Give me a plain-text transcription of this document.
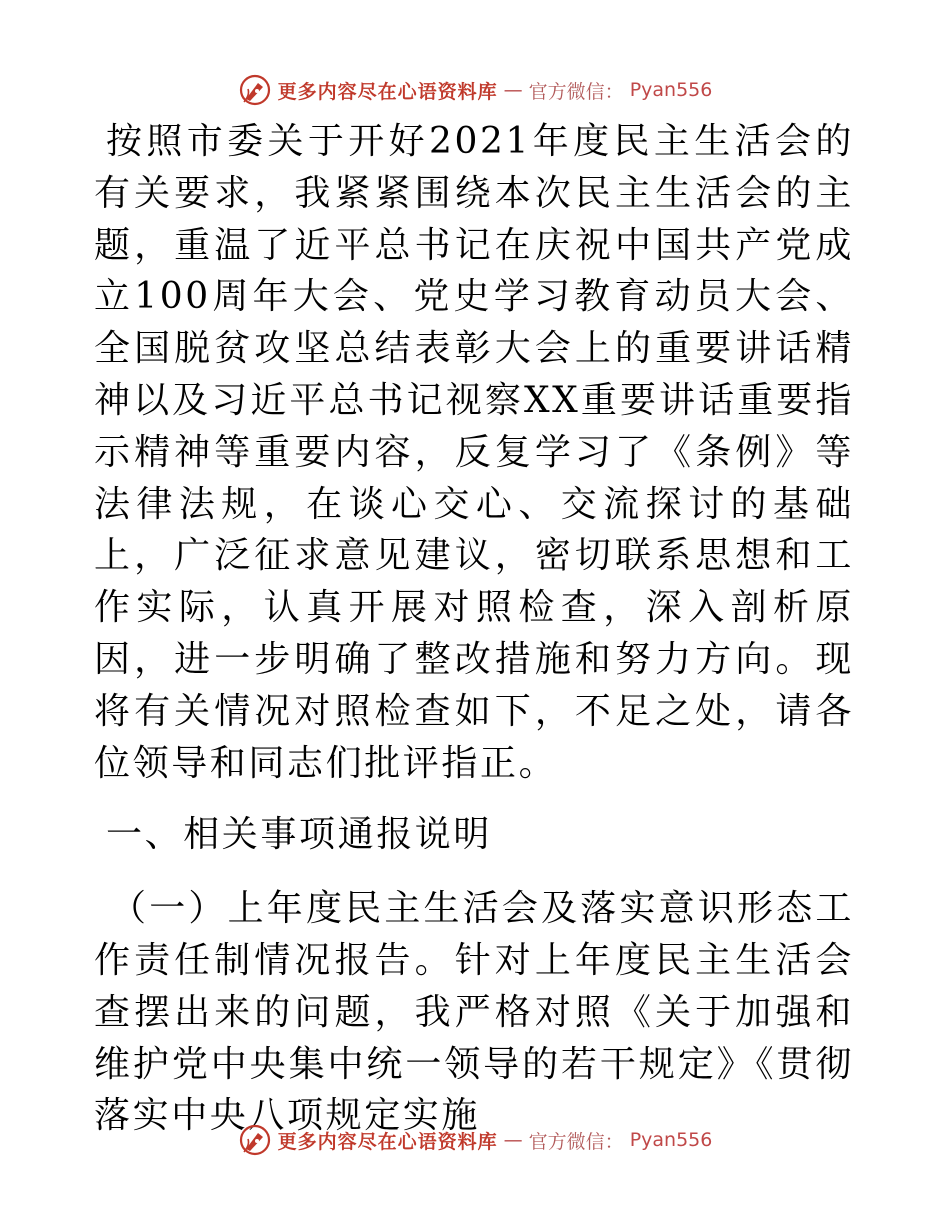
更多内容尽在心语资料库 — 官方微信： Pyan556

按照市委关于开好2021年度民主生活会的有关要求，我紧紧围绕本次民主生活会的主题，重温了近平总书记在庆祝中国共产党成立100周年大会、党史学习教育动员大会、全国脱贫攻坚总结表彰大会上的重要讲话精神以及习近平总书记视察XX重要讲话重要指示精神等重要内容，反复学习了《条例》等法律法规，在谈心交心、交流探讨的基础上，广泛征求意见建议，密切联系思想和工作实际，认真开展对照检查，深入剖析原因，进一步明确了整改措施和努力方向。现将有关情况对照检查如下，不足之处，请各位领导和同志们批评指正。

一、相关事项通报说明

（一）上年度民主生活会及落实意识形态工作责任制情况报告。针对上年度民主生活会查摆出来的问题，我严格对照《关于加强和维护党中央集中统一领导的若干规定》《贯彻落实中央八项规定实施

更多内容尽在心语资料库 — 官方微信： Pyan556
